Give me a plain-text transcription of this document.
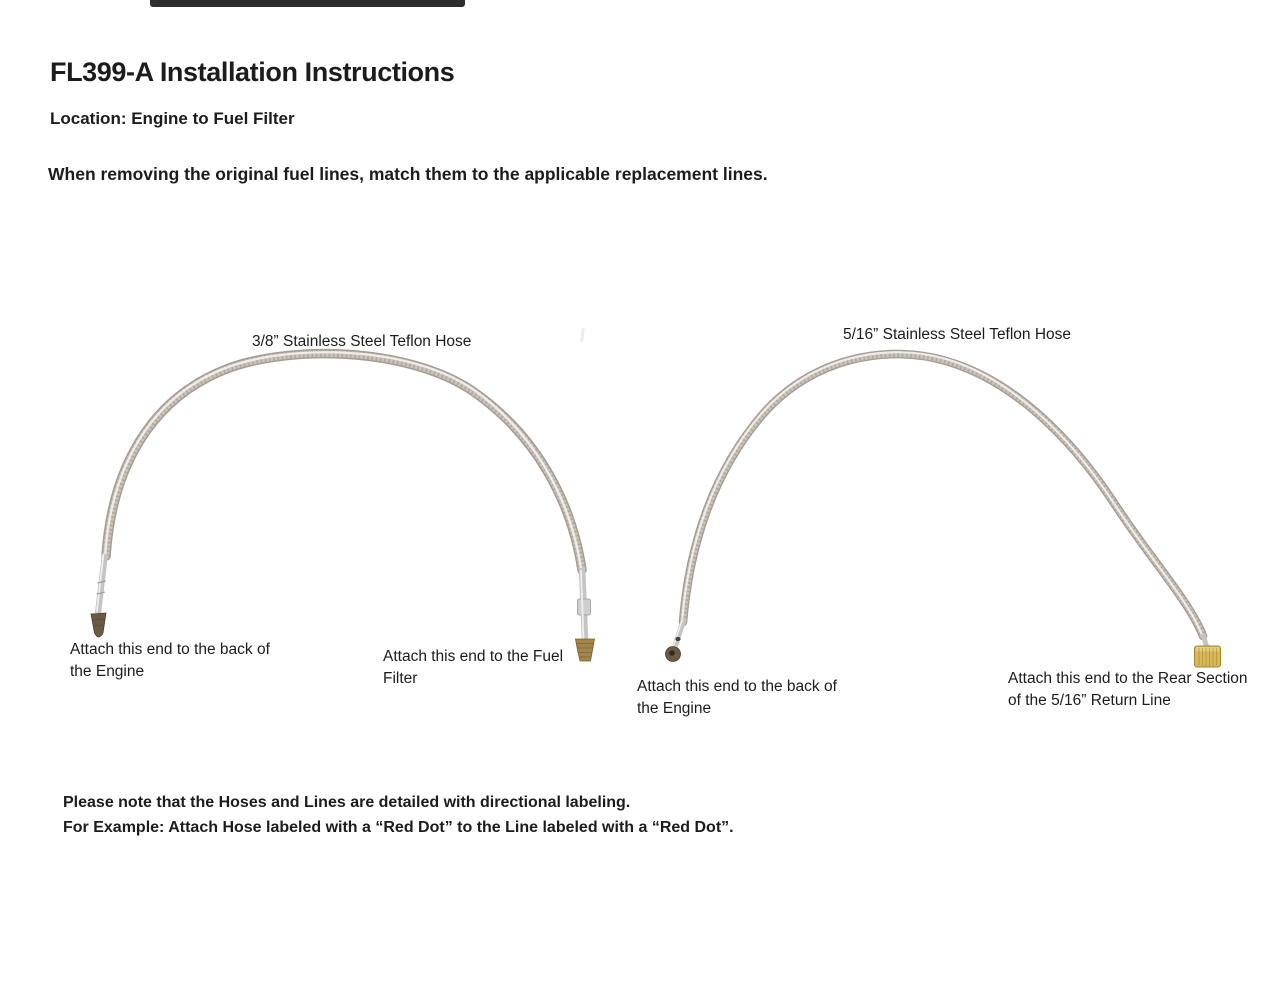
FL399-A Installation Instructions
Location: Engine to Fuel Filter
When removing the original fuel lines, match them to the applicable replacement lines.
3/8” Stainless Steel Teflon Hose	5/16” Stainless Steel Teflon Hose
Attach this end to the back of
the Engine
Attach this end to the Fuel
Filter	Attach this end to the back of
the Engine
Attach this end to the Rear Section
of the 5/16” Return Line
Please note that the Hoses and Lines are detailed with directional labeling.
For Example: Attach Hose labeled with a “Red Dot” to the Line labeled with a “Red Dot”.
